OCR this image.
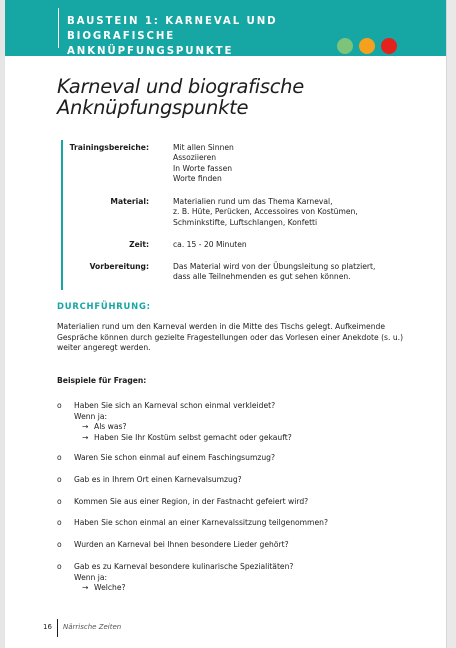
BAUSTEIN 1: KARNEVAL UND
BIOGRAFISCHE ANKNÜPFUNGSPUNKTE
Karneval und biografische
Anknüpfungspunkte
Trainingsbereiche:	Mit allen Sinnen
Assoziieren
In Worte fassen
Worte finden
Material:	Materialien rund um das Thema Karneval,
z. B. Hüte, Perücken, Accessoires von Kostümen,
Schminkstifte, Luftschlangen, Konfetti
Zeit:	ca. 15 - 20 Minuten
Vorbereitung:	Das Material wird von der Übungsleitung so platziert,
dass alle Teilnehmenden es gut sehen können.
DURCHFÜHRUNG:
Materialien rund um den Karneval werden in die Mitte des Tischs gelegt. Aufkeimende
Gespräche können durch gezielte Fragestellungen oder das Vorlesen einer Anekdote (s. u.)
weiter angeregt werden.
Beispiele für Fragen:
o	Haben Sie sich an Karneval schon einmal verkleidet?
Wenn ja:
→ Als was?
→ Haben Sie Ihr Kostüm selbst gemacht oder gekauft?
o	Waren Sie schon einmal auf einem Faschingsumzug?
o	Gab es in Ihrem Ort einen Karnevalsumzug?
o	Kommen Sie aus einer Region, in der Fastnacht gefeiert wird?
o	Haben Sie schon einmal an einer Karnevalssitzung teilgenommen?
o	Wurden an Karneval bei Ihnen besondere Lieder gehört?
o	Gab es zu Karneval besondere kulinarische Spezialitäten?
Wenn ja:
→ Welche?
16 Närrische Zeiten
